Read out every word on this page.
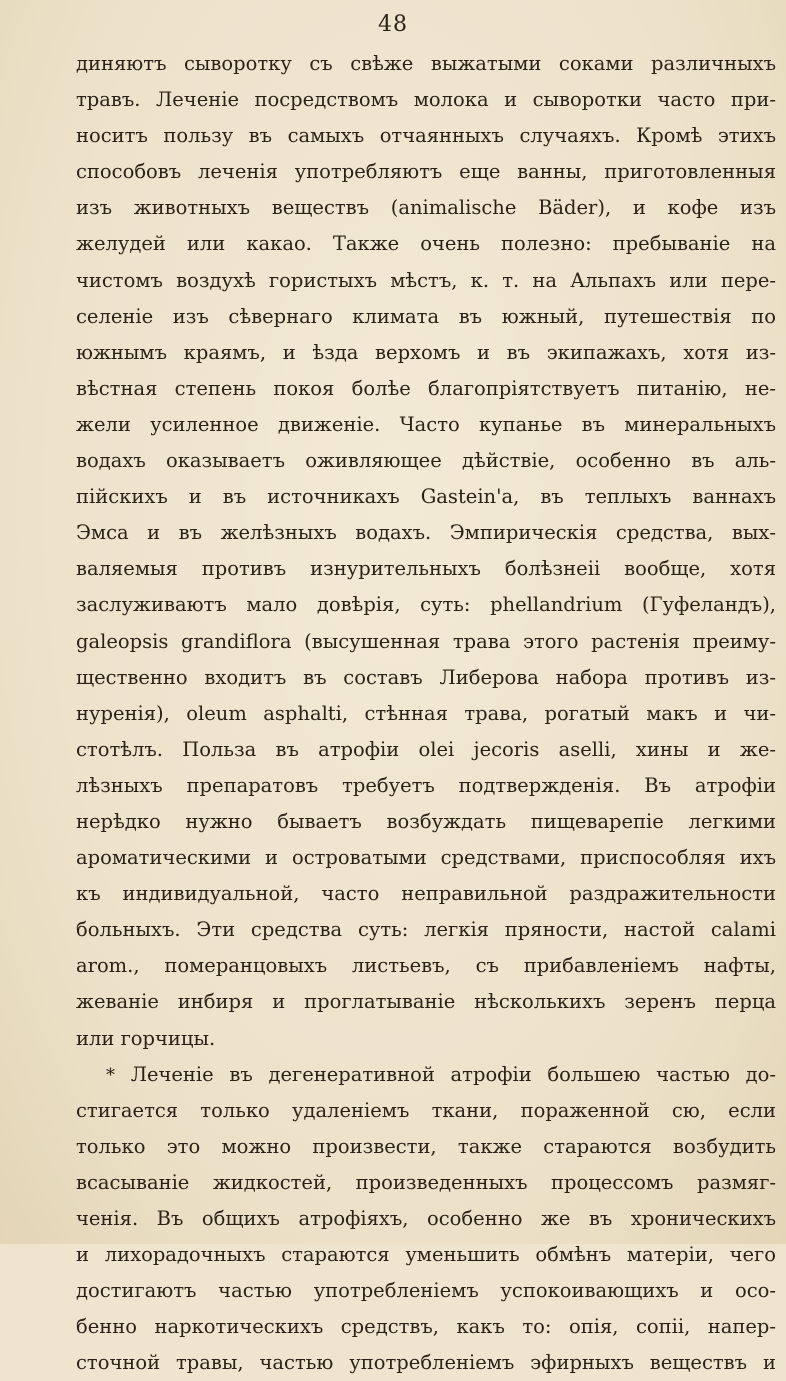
48
диняютъ сыворотку съ свѣже выжатыми соками различныхъ
травъ. Леченіе посредствомъ молока и сыворотки часто при-
носитъ пользу въ самыхъ отчаянныхъ случаяхъ. Кромѣ этихъ
способовъ леченія употребляютъ еще ванны, приготовленныя
изъ животныхъ веществъ (animalische Bäder), и кофе изъ
желудей или какао. Также очень полезно: пребываніе на
чистомъ воздухѣ гористыхъ мѣстъ, к. т. на Альпахъ или пере-
селеніе изъ сѣвернаго климата въ южный, путешествія по
южнымъ краямъ, и ѣзда верхомъ и въ экипажахъ, хотя из-
вѣстная степень покоя болѣе благопріятствуетъ питанію, не-
жели усиленное движеніе. Часто купанье въ минеральныхъ
водахъ оказываетъ оживляющее дѣйствіе, особенно въ аль-
пійскихъ и въ источникахъ Gastein'а, въ теплыхъ ваннахъ
Эмса и въ желѣзныхъ водахъ. Эмпирическія средства, вых-
валяемыя противъ изнурительныхъ болѣзнеіі вообще, хотя
заслуживаютъ мало довѣрія, суть: phellandrium (Гуфеландъ),
galeopsis grandiflora (высушенная трава этого растенія преиму-
щественно входитъ въ составъ Либерова набора противъ из-
нуренія), oleum asphalti, стѣнная трава, рогатый макъ и чи-
стотѣлъ. Польза въ атрофіи olei jecoris aselli, хины и же-
лѣзныхъ препаратовъ требуетъ подтвержденія. Въ атрофіи
нерѣдко нужно бываетъ возбуждать пищеварепіе легкими
ароматическими и островатыми средствами, приспособляя ихъ
къ индивидуальной, часто неправильной раздражительности
больныхъ. Эти средства суть: легкія пряности, настой calami
arom., померанцовыхъ листьевъ, съ прибавленіемъ нафты,
жеваніе инбиря и проглатываніе нѣсколькихъ зеренъ перца
или горчицы.
* Леченіе въ дегенеративной атрофіи большею частью до-
стигается только удаленіемъ ткани, пораженной сю, если
только это можно произвести, также стараются возбудить
всасываніе жидкостей, произведенныхъ процессомъ размяг-
ченія. Въ общихъ атрофіяхъ, особенно же въ хроническихъ
и лихорадочныхъ стараются уменьшить обмѣнъ матеріи, чего
достигаютъ частью употребленіемъ успокоивающихъ и осо-
бенно наркотическихъ средствъ, какъ то: опія, сопіі, напер-
сточной травы, частью употребленіемъ эфирныхъ веществъ и
